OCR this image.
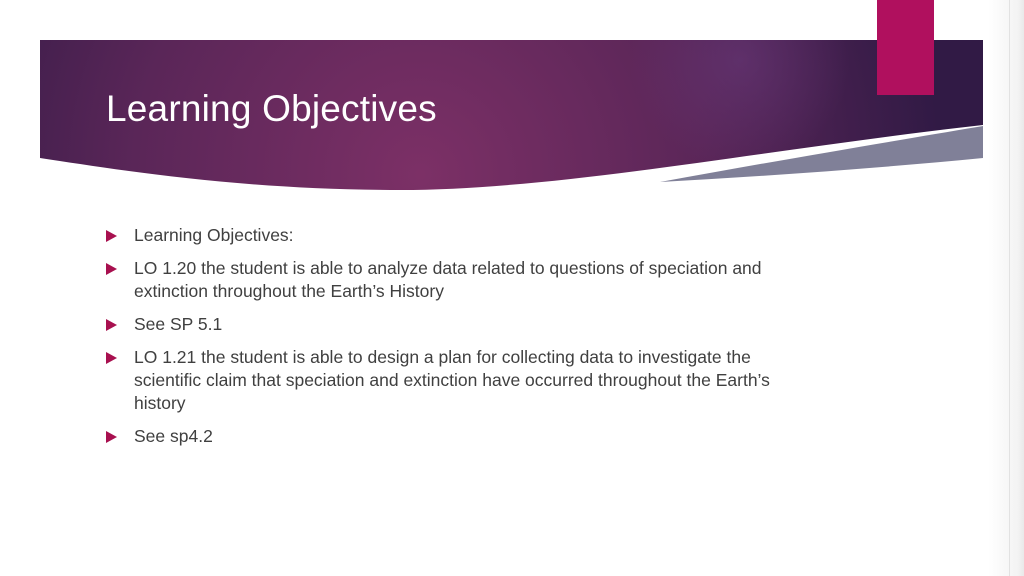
Learning Objectives
Learning Objectives:
LO 1.20 the student is able to analyze data related to questions of speciation and extinction throughout the Earth’s History
See SP 5.1
LO 1.21 the student is able to design a plan for collecting data to investigate the scientific claim that speciation and extinction have occurred throughout the Earth’s history
See sp4.2
